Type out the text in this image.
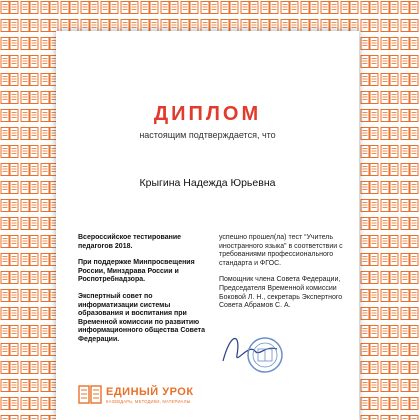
ДИПЛОМ
настоящим подтверждается, что
Крыгина Надежда Юрьевна

Всероссийское тестирование педагогов 2018.

При поддержке Минпросвещения России, Минздрава России и Роспотребнадзора.

Экспертный совет по информатизации системы образования и воспитания при Временной комиссии по развитию информационного общества Совета Федерации.

успешно прошел(ла) тест “Учитель иностранного языка” в соответствии с требованиями профессионального стандарта и ФГОС.

Помощник члена Совета Федерации, Председателя Временной комиссии Боковой Л. Н., секретарь Экспертного Совета Абрамов С. А.

ЕДИНЫЙ УРОК
КАЗЕВДАРЬ, МЕТОДИКИ, МАТЕРИАЛЫ
